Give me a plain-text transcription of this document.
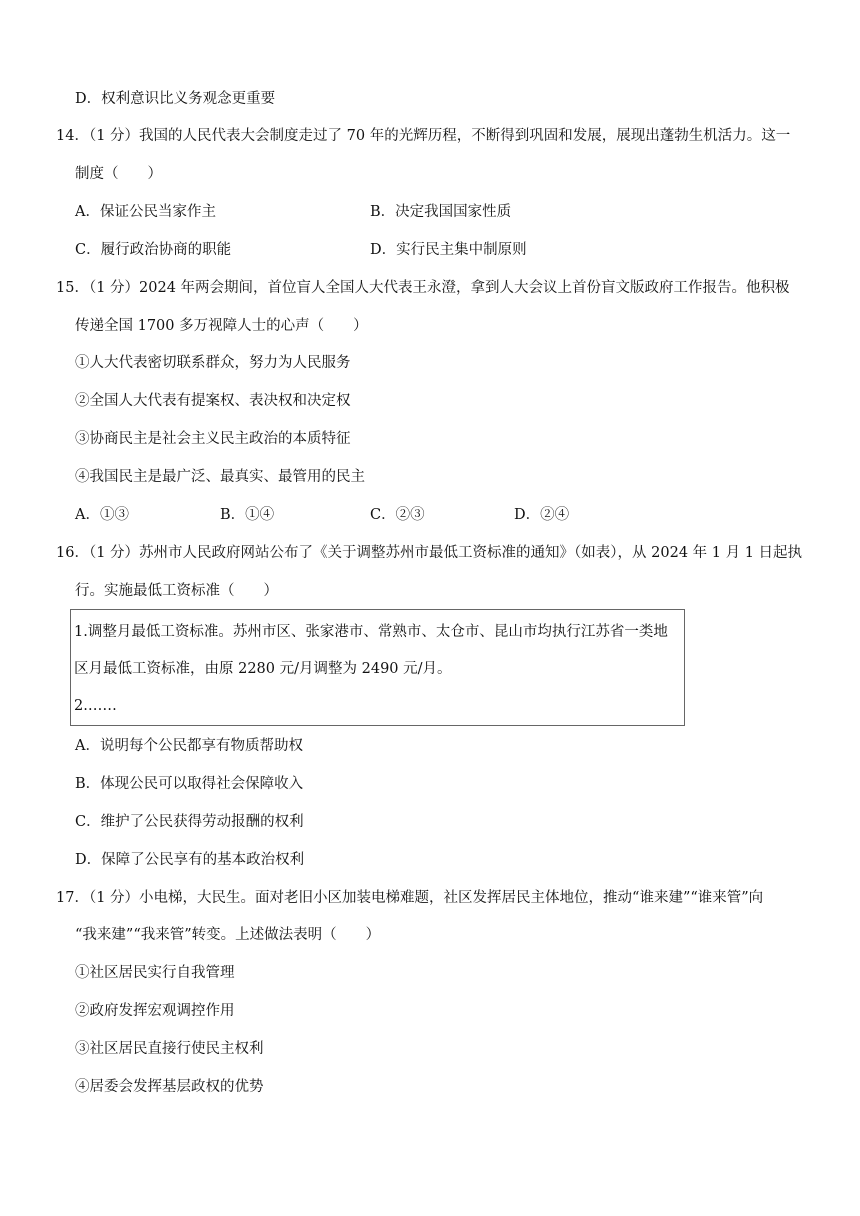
D．权利意识比义务观念更重要
14．（1 分）我国的人民代表大会制度走过了 70 年的光辉历程，不断得到巩固和发展，展现出蓬勃生机活力。这一
制度（　　）
A．保证公民当家作主	B．决定我国国家性质
C．履行政治协商的职能	D．实行民主集中制原则
15．（1 分）2024 年两会期间，首位盲人全国人大代表王永澄，拿到人大会议上首份盲文版政府工作报告。他积极
传递全国 1700 多万视障人士的心声（　　）
①人大代表密切联系群众，努力为人民服务
②全国人大代表有提案权、表决权和决定权
③协商民主是社会主义民主政治的本质特征
④我国民主是最广泛、最真实、最管用的民主
A．①③	B．①④	C．②③	D．②④
16．（1 分）苏州市人民政府网站公布了《关于调整苏州市最低工资标准的通知》（如表），从 2024 年 1 月 1 日起执
行。实施最低工资标准（　　）
1.调整月最低工资标准。苏州市区、张家港市、常熟市、太仓市、昆山市均执行江苏省一类地
区月最低工资标准，由原 2280 元/月调整为 2490 元/月。
2.……
A．说明每个公民都享有物质帮助权
B．体现公民可以取得社会保障收入
C．维护了公民获得劳动报酬的权利
D．保障了公民享有的基本政治权利
17．（1 分）小电梯，大民生。面对老旧小区加装电梯难题，社区发挥居民主体地位，推动“谁来建”“谁来管”向
“我来建”“我来管”转变。上述做法表明（　　）
①社区居民实行自我管理
②政府发挥宏观调控作用
③社区居民直接行使民主权利
④居委会发挥基层政权的优势
